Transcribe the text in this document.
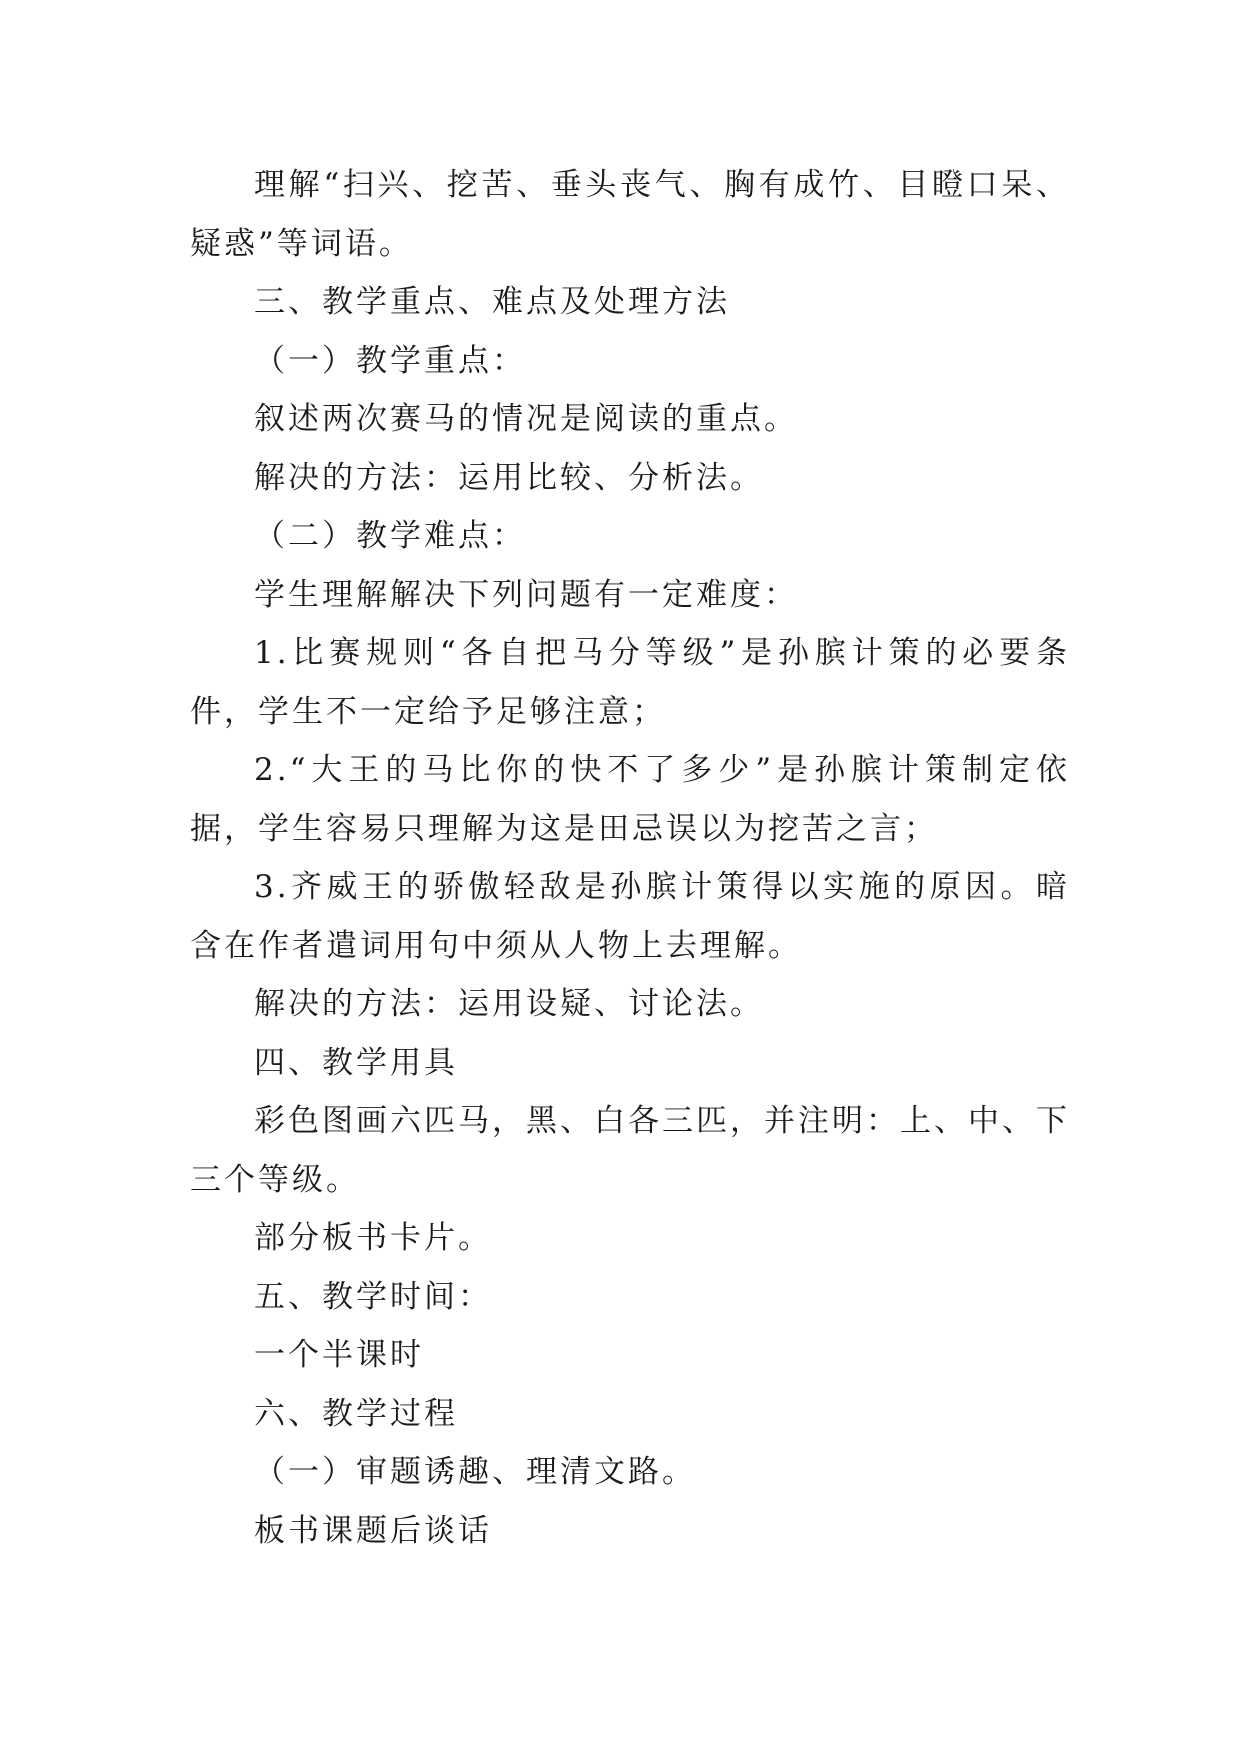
理解“扫兴、挖苦、垂头丧气、胸有成竹、目瞪口呆、疑惑”等词语。

三、教学重点、难点及处理方法

（一）教学重点：

叙述两次赛马的情况是阅读的重点。

解决的方法：运用比较、分析法。

（二）教学难点：

学生理解解决下列问题有一定难度：

1.比赛规则“各自把马分等级”是孙膑计策的必要条件，学生不一定给予足够注意；

2.“大王的马比你的快不了多少”是孙膑计策制定依据，学生容易只理解为这是田忌误以为挖苦之言；

3.齐威王的骄傲轻敌是孙膑计策得以实施的原因。暗含在作者遣词用句中须从人物上去理解。

解决的方法：运用设疑、讨论法。

四、教学用具

彩色图画六匹马，黑、白各三匹，并注明：上、中、下三个等级。

部分板书卡片。

五、教学时间：

一个半课时

六、教学过程

（一）审题诱趣、理清文路。

板书课题后谈话
